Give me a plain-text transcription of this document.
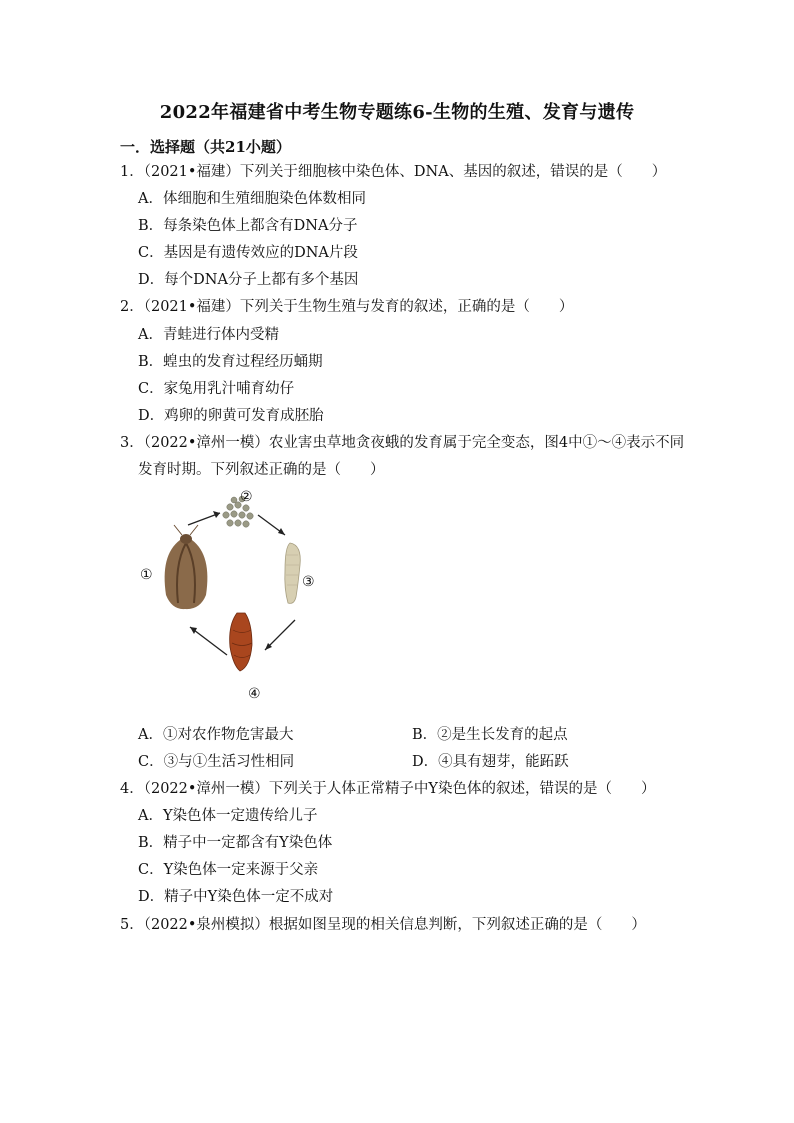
2022年福建省中考生物专题练6-生物的生殖、发育与遗传
一．选择题（共21小题）
1．（2021•福建）下列关于细胞核中染色体、DNA、基因的叙述，错误的是（　　）
A．体细胞和生殖细胞染色体数相同
B．每条染色体上都含有DNA分子
C．基因是有遗传效应的DNA片段
D．每个DNA分子上都有多个基因
2．（2021•福建）下列关于生物生殖与发育的叙述，正确的是（　　）
A．青蛙进行体内受精
B．蝗虫的发育过程经历蛹期
C．家兔用乳汁哺育幼仔
D．鸡卵的卵黄可发育成胚胎
3．（2022•漳州一模）农业害虫草地贪夜蛾的发育属于完全变态，图4中①～④表示不同
发育时期。下列叙述正确的是（　　）
②
①	③
④
A．①对农作物危害最大	B．②是生长发育的起点
C．③与①生活习性相同	D．④具有翅芽，能跖跃
4．（2022•漳州一模）下列关于人体正常精子中Y染色体的叙述，错误的是（　　）
A．Y染色体一定遗传给儿子
B．精子中一定都含有Y染色体
C．Y染色体一定来源于父亲
D．精子中Y染色体一定不成对
5．（2022•泉州模拟）根据如图呈现的相关信息判断，下列叙述正确的是（　　）
